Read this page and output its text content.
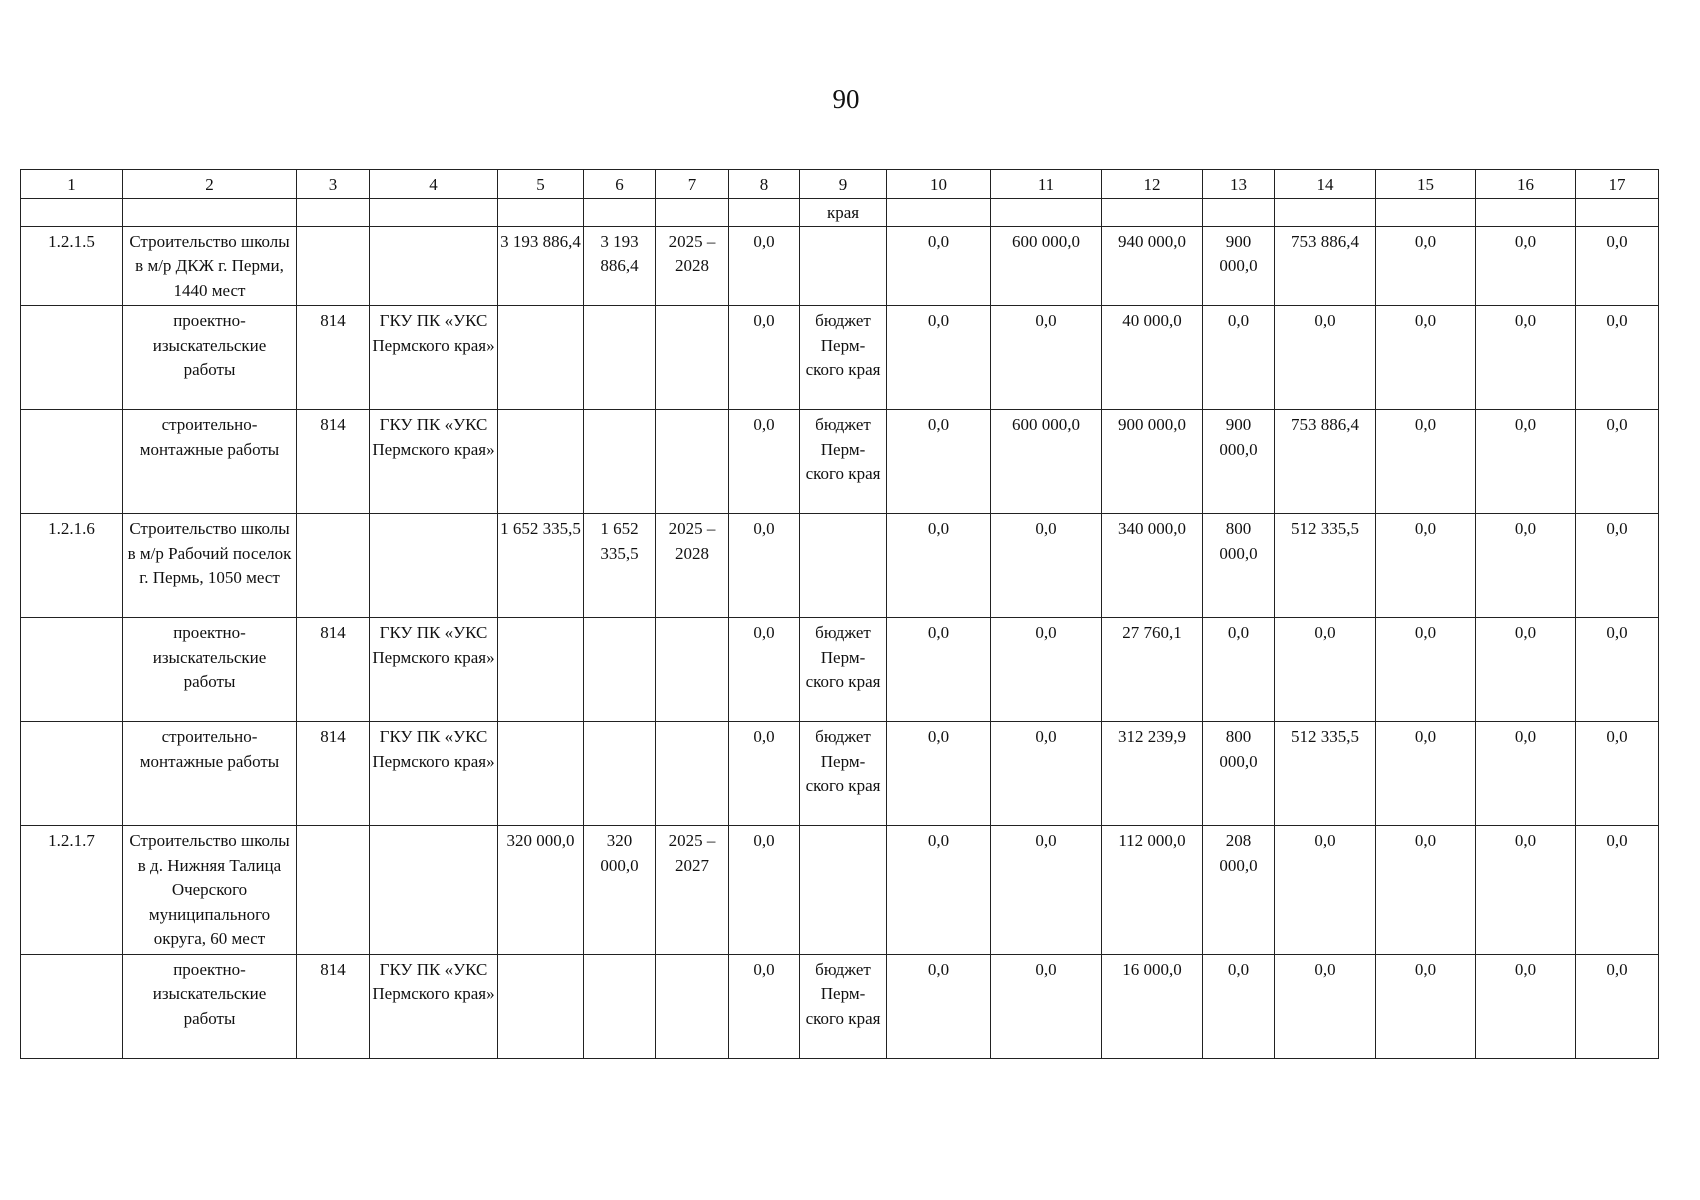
90
1	2	3	4	5	6	7	8	9	10	11	12	13	14	15	16	17
								края								
1.2.1.5	Строительство школы в м/р ДКЖ г. Перми, 1440 мест			3 193 886,4	3 193 886,4	2025 – 2028	0,0		0,0	600 000,0	940 000,0	900 000,0	753 886,4	0,0	0,0	0,0
	проектно-изыскательские работы	814	ГКУ ПК «УКС Пермского края»				0,0	бюджет Перм-ского края	0,0	0,0	40 000,0	0,0	0,0	0,0	0,0	0,0
	строительно-монтажные работы	814	ГКУ ПК «УКС Пермского края»				0,0	бюджет Перм-ского края	0,0	600 000,0	900 000,0	900 000,0	753 886,4	0,0	0,0	0,0
1.2.1.6	Строительство школы в м/р Рабочий поселок г. Пермь, 1050 мест			1 652 335,5	1 652 335,5	2025 – 2028	0,0		0,0	0,0	340 000,0	800 000,0	512 335,5	0,0	0,0	0,0
	проектно-изыскательские работы	814	ГКУ ПК «УКС Пермского края»				0,0	бюджет Перм-ского края	0,0	0,0	27 760,1	0,0	0,0	0,0	0,0	0,0
	строительно-монтажные работы	814	ГКУ ПК «УКС Пермского края»				0,0	бюджет Перм-ского края	0,0	0,0	312 239,9	800 000,0	512 335,5	0,0	0,0	0,0
1.2.1.7	Строительство школы в д. Нижняя Талица Очерского муниципального округа, 60 мест			320 000,0	320 000,0	2025 – 2027	0,0		0,0	0,0	112 000,0	208 000,0	0,0	0,0	0,0	0,0
	проектно-изыскательские работы	814	ГКУ ПК «УКС Пермского края»				0,0	бюджет Перм-ского края	0,0	0,0	16 000,0	0,0	0,0	0,0	0,0	0,0
